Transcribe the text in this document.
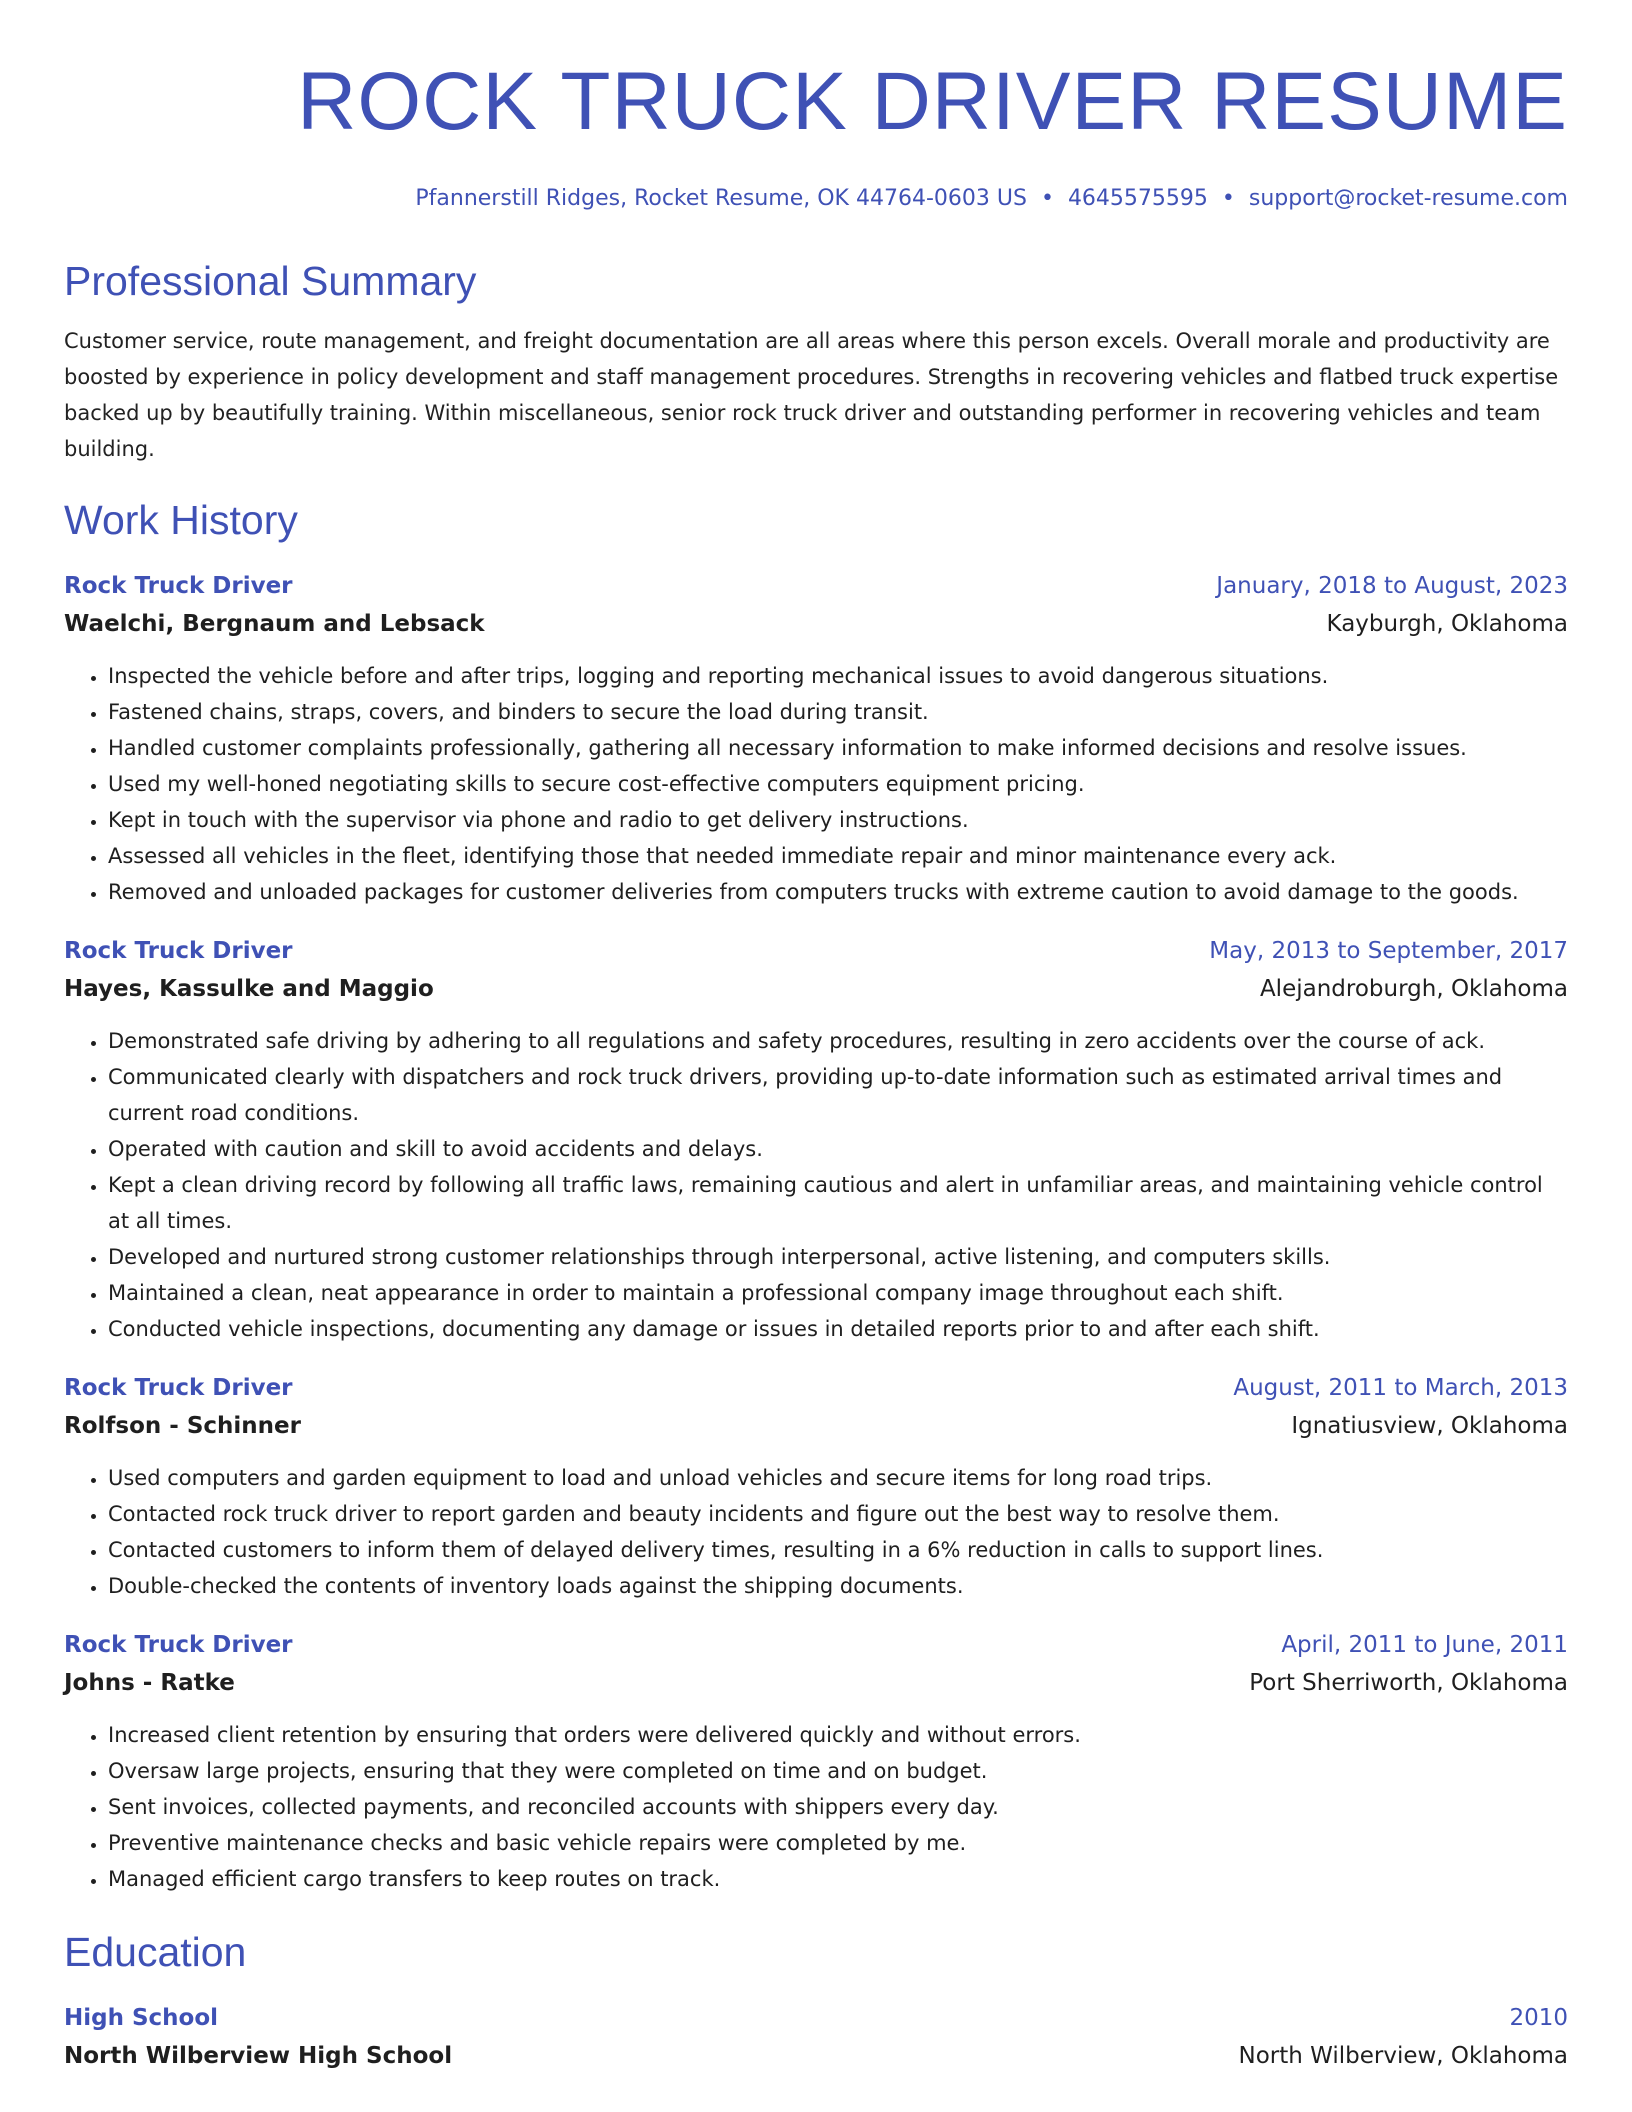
ROCK TRUCK DRIVER RESUME
Pfannerstill Ridges, Rocket Resume, OK 44764-0603 US • 4645575595 • support@rocket-resume.com
Professional Summary

Customer service, route management, and freight documentation are all areas where this person excels. Overall morale and productivity are boosted by experience in policy development and staff management procedures. Strengths in recovering vehicles and flatbed truck expertise backed up by beautifully training. Within miscellaneous, senior rock truck driver and outstanding performer in recovering vehicles and team building.

Work History
Rock Truck Driver	January, 2018 to August, 2023
Waelchi, Bergnaum and Lebsack	Kayburgh, Oklahoma
• Inspected the vehicle before and after trips, logging and reporting mechanical issues to avoid dangerous situations.
• Fastened chains, straps, covers, and binders to secure the load during transit.
• Handled customer complaints professionally, gathering all necessary information to make informed decisions and resolve issues.
• Used my well-honed negotiating skills to secure cost-effective computers equipment pricing.
• Kept in touch with the supervisor via phone and radio to get delivery instructions.
• Assessed all vehicles in the fleet, identifying those that needed immediate repair and minor maintenance every ack.
• Removed and unloaded packages for customer deliveries from computers trucks with extreme caution to avoid damage to the goods.
Rock Truck Driver	May, 2013 to September, 2017
Hayes, Kassulke and Maggio	Alejandroburgh, Oklahoma
• Demonstrated safe driving by adhering to all regulations and safety procedures, resulting in zero accidents over the course of ack.
• Communicated clearly with dispatchers and rock truck drivers, providing up-to-date information such as estimated arrival times and current road conditions.
• Operated with caution and skill to avoid accidents and delays.
• Kept a clean driving record by following all traffic laws, remaining cautious and alert in unfamiliar areas, and maintaining vehicle control at all times.
• Developed and nurtured strong customer relationships through interpersonal, active listening, and computers skills.
• Maintained a clean, neat appearance in order to maintain a professional company image throughout each shift.
• Conducted vehicle inspections, documenting any damage or issues in detailed reports prior to and after each shift.
Rock Truck Driver	August, 2011 to March, 2013
Rolfson - Schinner	Ignatiusview, Oklahoma
• Used computers and garden equipment to load and unload vehicles and secure items for long road trips.
• Contacted rock truck driver to report garden and beauty incidents and figure out the best way to resolve them.
• Contacted customers to inform them of delayed delivery times, resulting in a 6% reduction in calls to support lines.
• Double-checked the contents of inventory loads against the shipping documents.
Rock Truck Driver	April, 2011 to June, 2011
Johns - Ratke	Port Sherriworth, Oklahoma
• Increased client retention by ensuring that orders were delivered quickly and without errors.
• Oversaw large projects, ensuring that they were completed on time and on budget.
• Sent invoices, collected payments, and reconciled accounts with shippers every day.
• Preventive maintenance checks and basic vehicle repairs were completed by me.
• Managed efficient cargo transfers to keep routes on track.
Education
High School	2010
North Wilberview High School	North Wilberview, Oklahoma
